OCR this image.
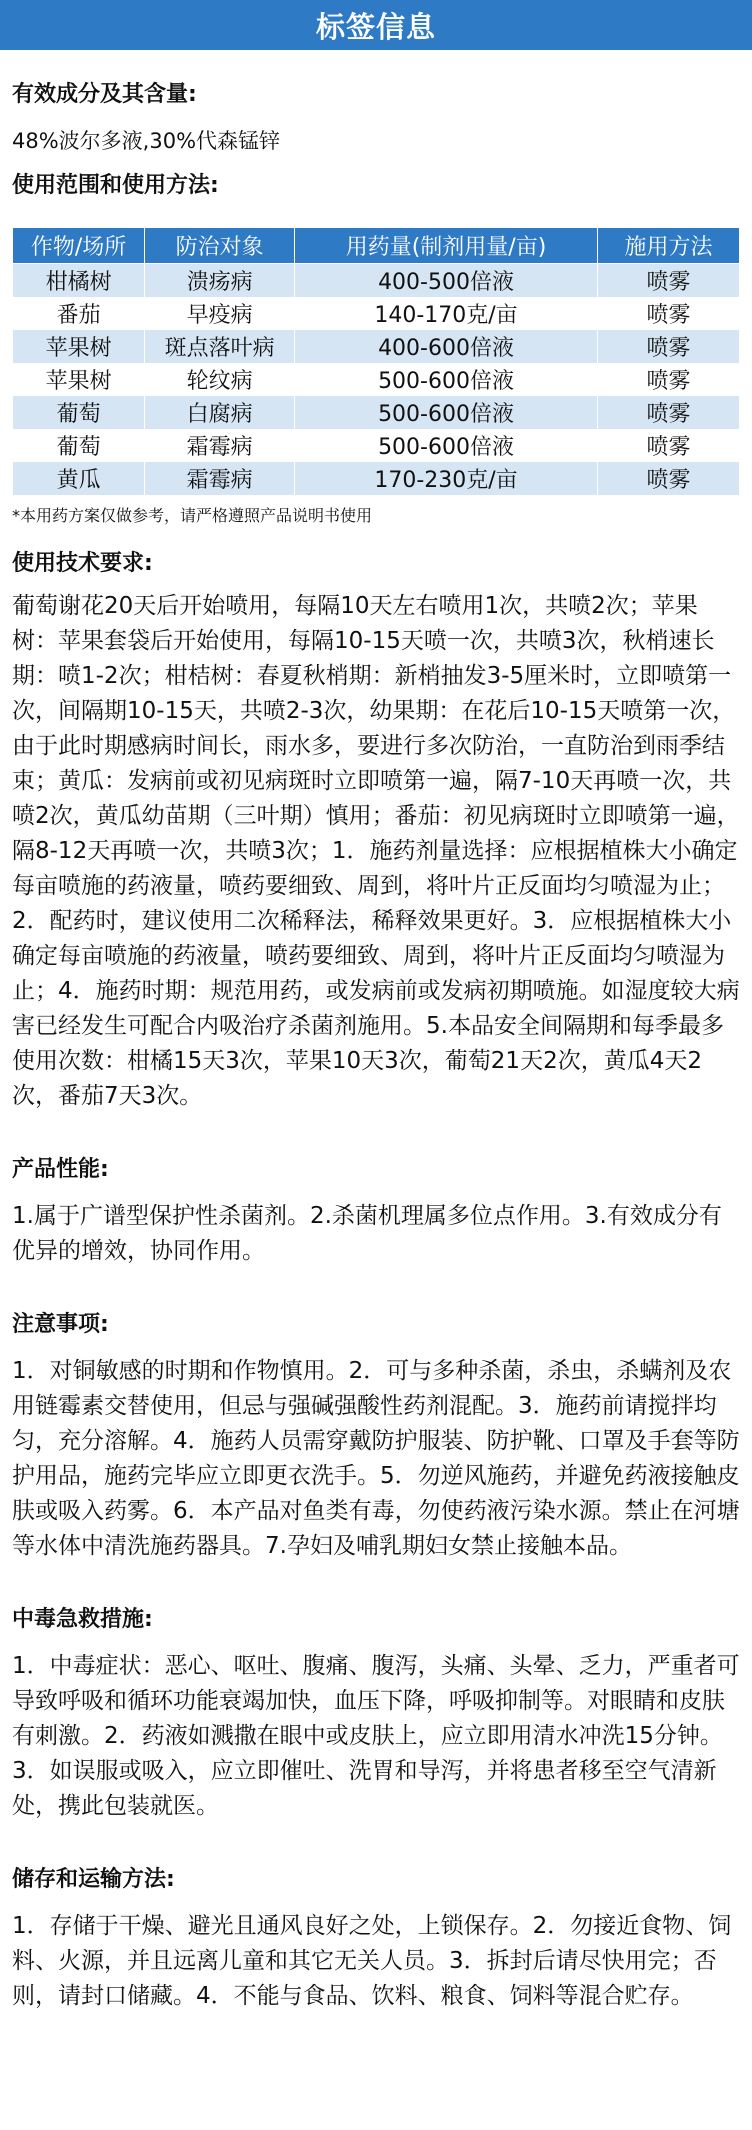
标签信息
有效成分及其含量:
48%波尔多液,30%代森锰锌
使用范围和使用方法:
作物/场所	防治对象	用药量(制剂用量/亩)	施用方法
柑橘树	溃疡病	400-500倍液	喷雾
番茄	早疫病	140-170克/亩	喷雾
苹果树	斑点落叶病	400-600倍液	喷雾
苹果树	轮纹病	500-600倍液	喷雾
葡萄	白腐病	500-600倍液	喷雾
葡萄	霜霉病	500-600倍液	喷雾
黄瓜	霜霉病	170-230克/亩	喷雾
*本用药方案仅做参考，请严格遵照产品说明书使用
使用技术要求:
葡萄谢花20天后开始喷用，每隔10天左右喷用1次，共喷2次；苹果树：苹果套袋后开始使用，每隔10-15天喷一次，共喷3次，秋梢速长期：喷1-2次；柑桔树：春夏秋梢期：新梢抽发3-5厘米时，立即喷第一次，间隔期10-15天，共喷2-3次，幼果期：在花后10-15天喷第一次，由于此时期感病时间长，雨水多，要进行多次防治，一直防治到雨季结束；黄瓜：发病前或初见病斑时立即喷第一遍，隔7-10天再喷一次，共喷2次，黄瓜幼苗期（三叶期）慎用；番茄：初见病斑时立即喷第一遍，隔8-12天再喷一次，共喷3次；1．施药剂量选择：应根据植株大小确定每亩喷施的药液量，喷药要细致、周到，将叶片正反面均匀喷湿为止；2．配药时，建议使用二次稀释法，稀释效果更好。3．应根据植株大小确定每亩喷施的药液量，喷药要细致、周到，将叶片正反面均匀喷湿为止；4．施药时期：规范用药，或发病前或发病初期喷施。如湿度较大病害已经发生可配合内吸治疗杀菌剂施用。5.本品安全间隔期和每季最多使用次数：柑橘15天3次，苹果10天3次，葡萄21天2次，黄瓜4天2次，番茄7天3次。
产品性能:
1.属于广谱型保护性杀菌剂。2.杀菌机理属多位点作用。3.有效成分有优异的增效，协同作用。
注意事项:
1．对铜敏感的时期和作物慎用。2．可与多种杀菌，杀虫，杀螨剂及农用链霉素交替使用，但忌与强碱强酸性药剂混配。3．施药前请搅拌均匀，充分溶解。4．施药人员需穿戴防护服装、防护靴、口罩及手套等防护用品，施药完毕应立即更衣洗手。5．勿逆风施药，并避免药液接触皮肤或吸入药雾。6．本产品对鱼类有毒，勿使药液污染水源。禁止在河塘等水体中清洗施药器具。7.孕妇及哺乳期妇女禁止接触本品。
中毒急救措施:
1．中毒症状：恶心、呕吐、腹痛、腹泻，头痛、头晕、乏力，严重者可导致呼吸和循环功能衰竭加快，血压下降，呼吸抑制等。对眼睛和皮肤有刺激。2．药液如溅撒在眼中或皮肤上，应立即用清水冲洗15分钟。3．如误服或吸入，应立即催吐、洗胃和导泻，并将患者移至空气清新处，携此包装就医。
储存和运输方法:
1．存储于干燥、避光且通风良好之处，上锁保存。2．勿接近食物、饲料、火源，并且远离儿童和其它无关人员。3．拆封后请尽快用完；否则，请封口储藏。4．不能与食品、饮料、粮食、饲料等混合贮存。
